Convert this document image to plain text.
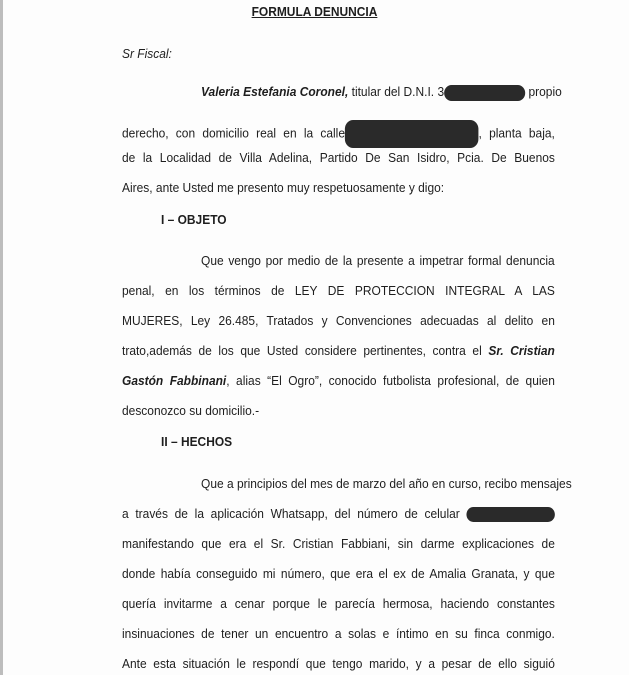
FORMULA DENUNCIA
Sr Fiscal:
I – OBJETO
II – HECHOS
Valeria Estefania Coronel, titular del D.N.I. 3	propio
derecho, con domicilio real en la calle	, planta baja,
de la Localidad de Villa Adelina, Partido De San Isidro, Pcia. De Buenos
Aires, ante Usted me presento muy respetuosamente y digo:
Que vengo por medio de la presente a impetrar formal denuncia
penal, en los términos de LEY DE PROTECCION INTEGRAL A LAS
MUJERES, Ley 26.485, Tratados y Convenciones adecuadas al delito en
trato,además de los que Usted considere pertinentes, contra el Sr. Cristian
Gastón Fabbinani, alias “El Ogro”, conocido futbolista profesional, de quien
desconozco su domicilio.-
Que a principios del mes de marzo del año en curso, recibo mensajes
a través de la aplicación Whatsapp, del número de celular
manifestando que era el Sr. Cristian Fabbiani, sin darme explicaciones de
donde había conseguido mi número, que era el ex de Amalia Granata, y que
quería invitarme a cenar porque le parecía hermosa, haciendo constantes
insinuaciones de tener un encuentro a solas e íntimo en su finca conmigo.
Ante esta situación le respondí que tengo marido, y a pesar de ello siguió
